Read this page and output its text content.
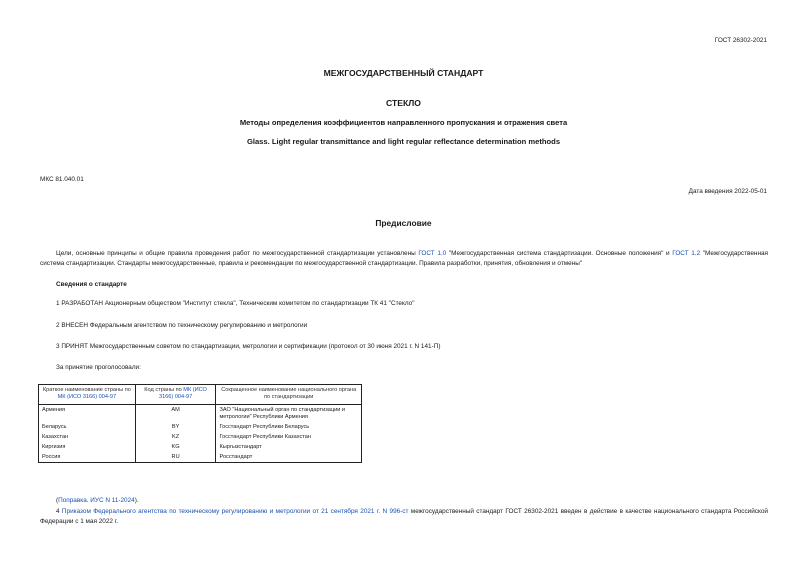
ГОСТ 26302-2021
МЕЖГОСУДАРСТВЕННЫЙ СТАНДАРТ
СТЕКЛО
Методы определения коэффициентов направленного пропускания и отражения света
Glass. Light regular transmittance and light regular reflectance determination methods
МКС 81.040.01
Дата введения 2022-05-01
Предисловие
Цели, основные принципы и общие правила проведения работ по межгосударственной стандартизации установлены ГОСТ 1.0 "Межгосударственная система стандартизации. Основные положения" и ГОСТ 1.2 "Межгосударственная система стандартизации. Стандарты межгосударственные, правила и рекомендации по межгосударственной стандартизации. Правила разработки, принятия, обновления и отмены"
Сведения о стандарте
1 РАЗРАБОТАН Акционерным обществом "Институт стекла", Техническим комитетом по стандартизации ТК 41 "Стекло"
2 ВНЕСЕН Федеральным агентством по техническому регулированию и метрологии
3 ПРИНЯТ Межгосударственным советом по стандартизации, метрологии и сертификации (протокол от 30 июня 2021 г. N 141-П)
За принятие проголосовали:
Краткое наименование страны по МК (ИСО 3166) 004-97	Код страны по МК (ИСО 3166) 004-97	Сокращенное наименование национального органа по стандартизации
Армения	AM	ЗАО "Национальный орган по стандартизации и метрологии" Республики Армения
Беларусь	BY	Госстандарт Республики Беларусь
Казахстан	KZ	Госстандарт Республики Казахстан
Киргизия	KG	Кыргызстандарт
Россия	RU	Росстандарт
(Поправка. ИУС N 11-2024).
4 Приказом Федерального агентства по техническому регулированию и метрологии от 21 сентября 2021 г. N 996-ст межгосударственный стандарт ГОСТ 26302-2021 введен в действие в качестве национального стандарта Российской Федерации с 1 мая 2022 г.
